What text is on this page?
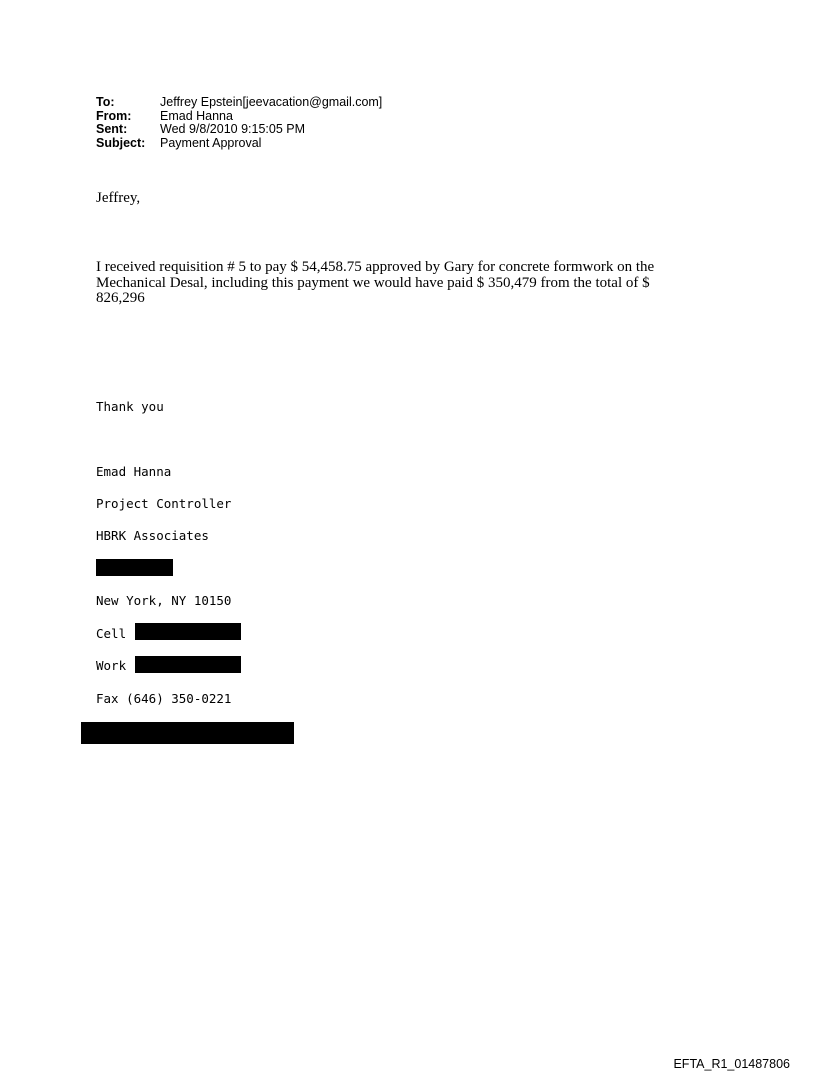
To:	Jeffrey Epstein[jeevacation@gmail.com]
From:	Emad Hanna
Sent:	Wed 9/8/2010 9:15:05 PM
Subject:	Payment Approval
Jeffrey,
I received requisition # 5 to pay $ 54,458.75 approved by Gary for concrete formwork on the
Mechanical Desal, including this payment we would have paid $ 350,479 from the total of $
826,296
Thank you
Emad Hanna
Project Controller
HBRK Associates
New York, NY 10150
Cell
Work
Fax (646) 350-0221
EFTA_R1_01487806
